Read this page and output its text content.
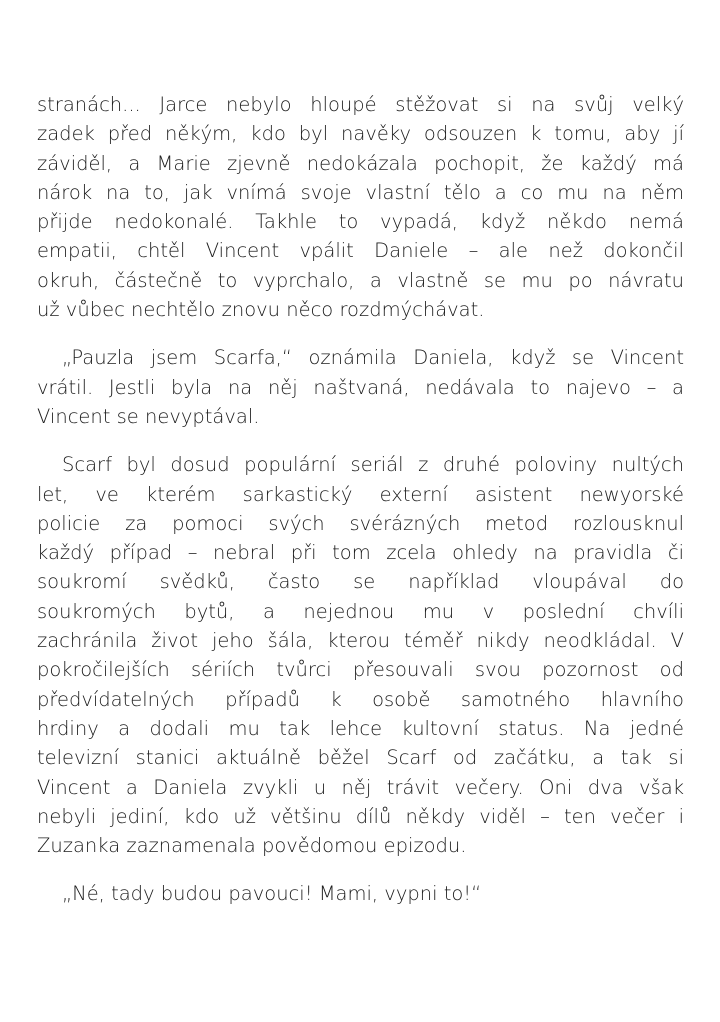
stranách... Jarce nebylo hloupé stěžovat si na svůj velký
zadek před někým, kdo byl navěky odsouzen k tomu, aby jí
záviděl, a Marie zjevně nedokázala pochopit, že každý má
nárok na to, jak vnímá svoje vlastní tělo a co mu na něm
přijde nedokonalé. Takhle to vypadá, když někdo nemá
empatii, chtěl Vincent vpálit Daniele – ale než dokončil
okruh, částečně to vyprchalo, a vlastně se mu po návratu
už vůbec nechtělo znovu něco rozdmýchávat.

„Pauzla jsem Scarfa,“ oznámila Daniela, když se Vincent
vrátil. Jestli byla na něj naštvaná, nedávala to najevo – a
Vincent se nevyptával.

Scarf byl dosud populární seriál z druhé poloviny nultých
let, ve kterém sarkastický externí asistent newyorské
policie za pomoci svých svérázných metod rozlousknul
každý případ – nebral při tom zcela ohledy na pravidla či
soukromí svědků, často se například vloupával do
soukromých bytů, a nejednou mu v poslední chvíli
zachránila život jeho šála, kterou téměř nikdy neodkládal. V
pokročilejších sériích tvůrci přesouvali svou pozornost od
předvídatelných případů k osobě samotného hlavního
hrdiny a dodali mu tak lehce kultovní status. Na jedné
televizní stanici aktuálně běžel Scarf od začátku, a tak si
Vincent a Daniela zvykli u něj trávit večery. Oni dva však
nebyli jediní, kdo už většinu dílů někdy viděl – ten večer i
Zuzanka zaznamenala povědomou epizodu.

„Né, tady budou pavouci! Mami, vypni to!“
